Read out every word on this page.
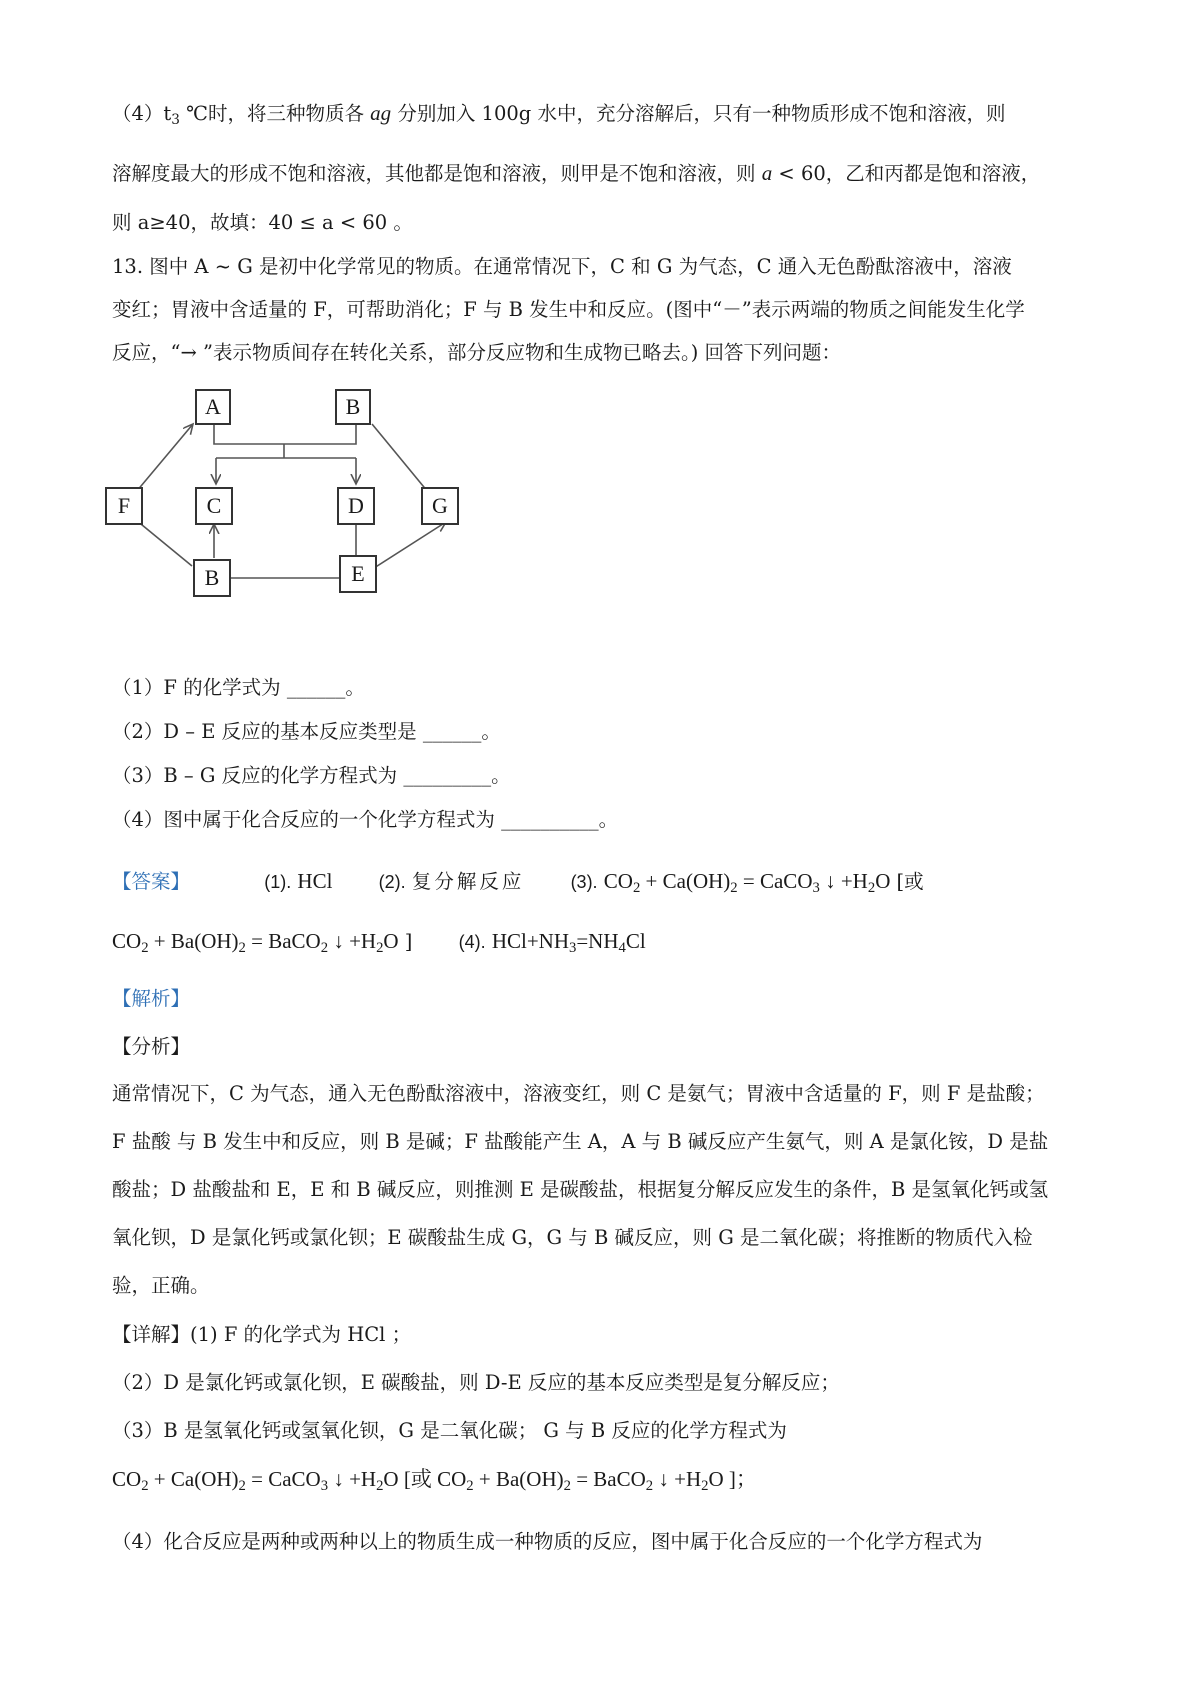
$(4)t_3$ ℃时，将三种物质各 ag 分别加入 100g 水中，充分溶解后，只有一种物质形成不饱和溶液，则
溶解度最大的形成不饱和溶液，其他都是饱和溶液，则甲是不饱和溶液，则 a < 60，乙和丙都是饱和溶液，
则 a≥40，故填：40 ≤ a < 60 。
13. 图中 A ~ G 是初中化学常见的物质。在通常情况下，C 和 G 为气态，C 通入无色酚酞溶液中，溶液
变红；胃液中含适量的 F，可帮助消化；F 与 B 发生中和反应。(图中“－”表示两端的物质之间能发生化学
反应，“→ ”表示物质间存在转化关系，部分反应物和生成物已略去。) 回答下列问题：
A	B
F	C	D	G
B	E
（1）F 的化学式为 ______。
（2）D – E 反应的基本反应类型是 ______。
（3）B – G 反应的化学方程式为 _________。
（4）图中属于化合反应的一个化学方程式为 __________。
【答案】	(1). HCl	(2). 复分解反应	(3). $CO_2 + Ca(OH)_2$ = CaCO$_3$ ↓ $+H_2O$ [或
$CO_2 + Ba(OH)_2$ = BaCO$_2$ ↓ $+H_2O$ ]	(4). $HCl+NH_3=NH_4Cl$
【解析】
【分析】
通常情况下，C 为气态，通入无色酚酞溶液中，溶液变红，则 C 是氨气；胃液中含适量的 F，则 F 是盐酸；
F 盐酸 与 B 发生中和反应，则 B 是碱；F 盐酸能产生 A，A 与 B 碱反应产生氨气，则 A 是氯化铵，D 是盐
酸盐；D 盐酸盐和 E，E 和 B 碱反应，则推测 E 是碳酸盐，根据复分解反应发生的条件，B 是氢氧化钙或氢
氧化钡，D 是氯化钙或氯化钡；E 碳酸盐生成 G，G 与 B 碱反应，则 G 是二氧化碳；将推断的物质代入检
验，正确。
【详解】(1) F 的化学式为 HCl ；
（2）D 是氯化钙或氯化钡，E 碳酸盐，则 D-E 反应的基本反应类型是复分解反应；
（3）B 是氢氧化钙或氢氧化钡，G 是二氧化碳； G 与 B 反应的化学方程式为
$CO_2 + Ca(OH)_2$ = CaCO$_3$ ↓ $+H_2O$ [或 $CO_2 + Ba(OH)_2$ = BaCO$_2$ ↓ $+H_2O$ ]；
（4）化合反应是两种或两种以上的物质生成一种物质的反应，图中属于化合反应的一个化学方程式为
